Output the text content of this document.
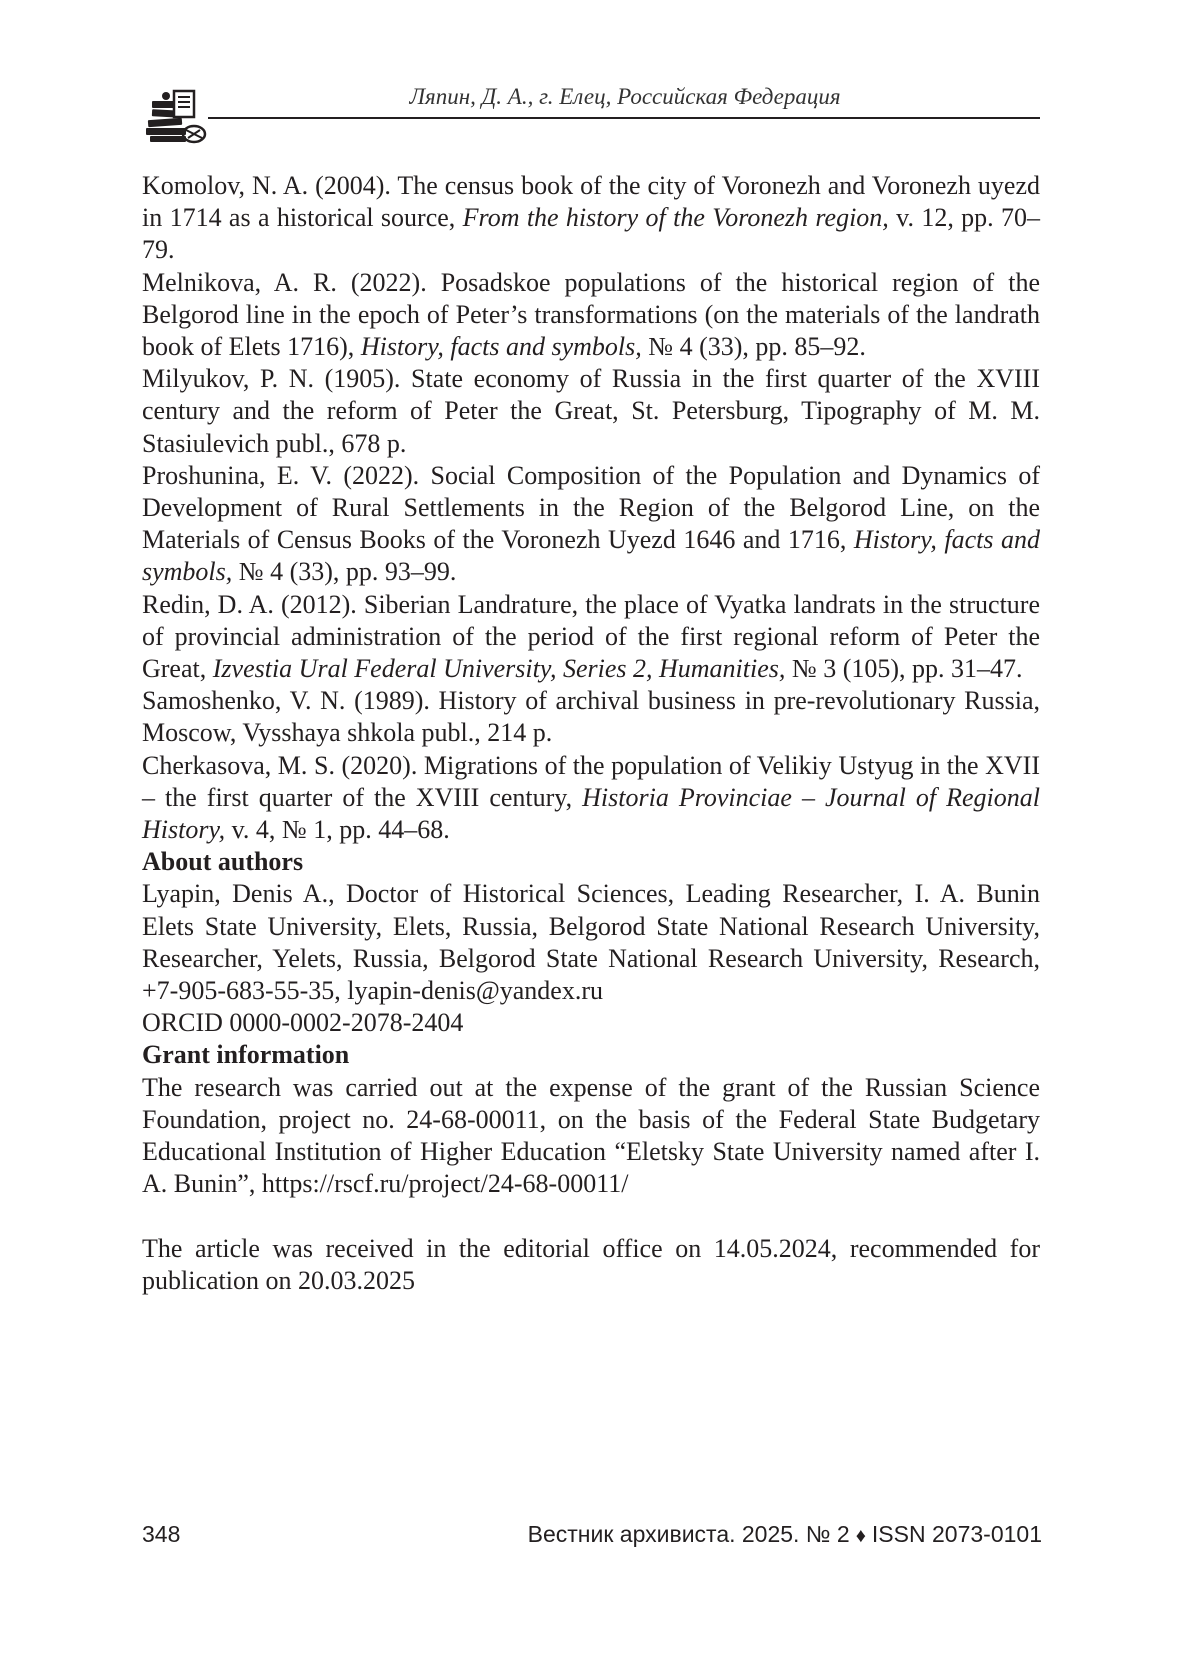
Ляпин, Д. А., г. Елец, Российская Федерация

Komolov, N. A. (2004). The census book of the city of Voronezh and Voronezh uyezd in 1714 as a historical source, From the history of the Voronezh region, v. 12, pp. 70–79.

Melnikova, A. R. (2022). Posadskoe populations of the historical region of the Belgorod line in the epoch of Peter’s transformations (on the materials of the landrath book of Elets 1716), History, facts and symbols, № 4 (33), pp. 85–92.

Milyukov, P. N. (1905). State economy of Russia in the first quarter of the XVIII century and the reform of Peter the Great, St. Petersburg, Tipography of M. M. Stasiulevich publ., 678 p.

Proshunina, E. V. (2022). Social Composition of the Population and Dynamics of Development of Rural Settlements in the Region of the Belgorod Line, on the Materials of Census Books of the Voronezh Uyezd 1646 and 1716, History, facts and symbols, № 4 (33), pp. 93–99.

Redin, D. A. (2012). Siberian Landrature, the place of Vyatka landrats in the structure of provincial administration of the period of the first regional reform of Peter the Great, Izvestia Ural Federal University, Series 2, Humanities, № 3 (105), pp. 31–47.

Samoshenko, V. N. (1989). History of archival business in pre-revolutionary Russia, Moscow, Vysshaya shkola publ., 214 p.

Cherkasova, M. S. (2020). Migrations of the population of Velikiy Ustyug in the XVII – the first quarter of the XVIII century, Historia Provinciae – Journal of Regional History, v. 4, № 1, pp. 44–68.

About authors

Lyapin, Denis A., Doctor of Historical Sciences, Leading Researcher, I. A. Bunin Elets State University, Elets, Russia, Belgorod State National Research University, Researcher, Yelets, Russia, Belgorod State National Research University, Research, +7-905-683-55-35, lyapin-denis@yandex.ru

ORCID 0000-0002-2078-2404

Grant information

The research was carried out at the expense of the grant of the Russian Science Foundation, project no. 24-68-00011, on the basis of the Federal State Budgetary Educational Institution of Higher Education “Eletsky State University named after I. A. Bunin”, https://rscf.ru/project/24-68-00011/

The article was received in the editorial office on 14.05.2024, recommended for publication on 20.03.2025

348	Вестник архивиста. 2025. № 2 ♦ ISSN 2073-0101
